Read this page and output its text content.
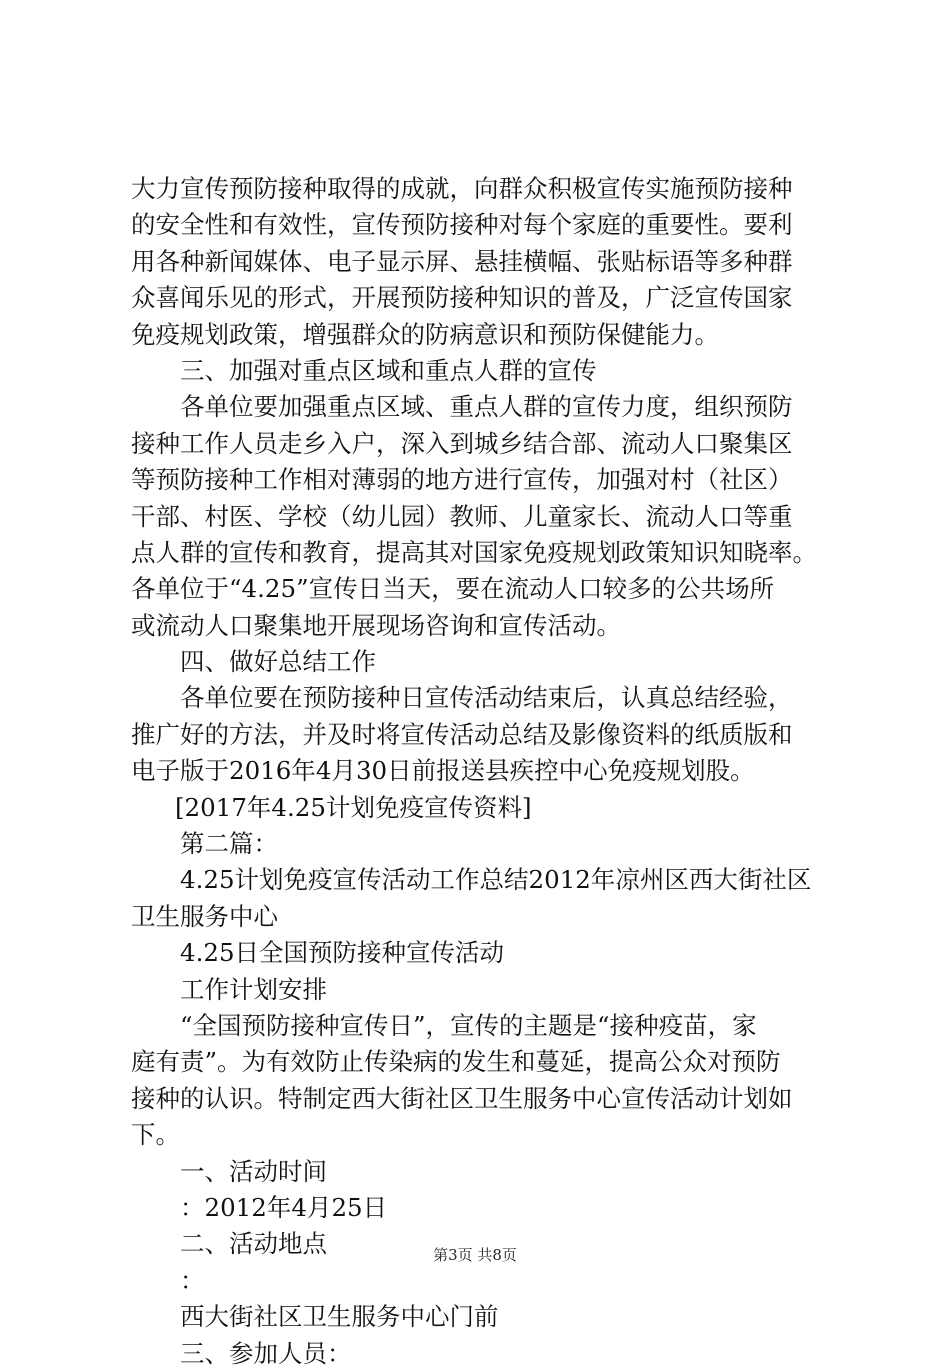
大力宣传预防接种取得的成就，向群众积极宣传实施预防接种
的安全性和有效性，宣传预防接种对每个家庭的重要性。要利
用各种新闻媒体、电子显示屏、悬挂横幅、张贴标语等多种群
众喜闻乐见的形式，开展预防接种知识的普及，广泛宣传国家
免疫规划政策，增强群众的防病意识和预防保健能力。
三、加强对重点区域和重点人群的宣传
各单位要加强重点区域、重点人群的宣传力度，组织预防
接种工作人员走乡入户，深入到城乡结合部、流动人口聚集区
等预防接种工作相对薄弱的地方进行宣传，加强对村（社区）
干部、村医、学校（幼儿园）教师、儿童家长、流动人口等重
点人群的宣传和教育，提高其对国家免疫规划政策知识知晓率。
各单位于“4.25”宣传日当天，要在流动人口较多的公共场所
或流动人口聚集地开展现场咨询和宣传活动。
四、做好总结工作
各单位要在预防接种日宣传活动结束后，认真总结经验，
推广好的方法，并及时将宣传活动总结及影像资料的纸质版和
电子版于2016年4月30日前报送县疾控中心免疫规划股。
[2017年4.25计划免疫宣传资料]
第二篇：
4.25计划免疫宣传活动工作总结2012年凉州区西大街社区
卫生服务中心
4.25日全国预防接种宣传活动
工作计划安排
“全国预防接种宣传日”，宣传的主题是“接种疫苗，家
庭有责”。为有效防止传染病的发生和蔓延，提高公众对预防
接种的认识。特制定西大街社区卫生服务中心宣传活动计划如
下。
一、活动时间
：2012年4月25日
二、活动地点
：
西大街社区卫生服务中心门前
三、参加人员：
第3页 共8页
